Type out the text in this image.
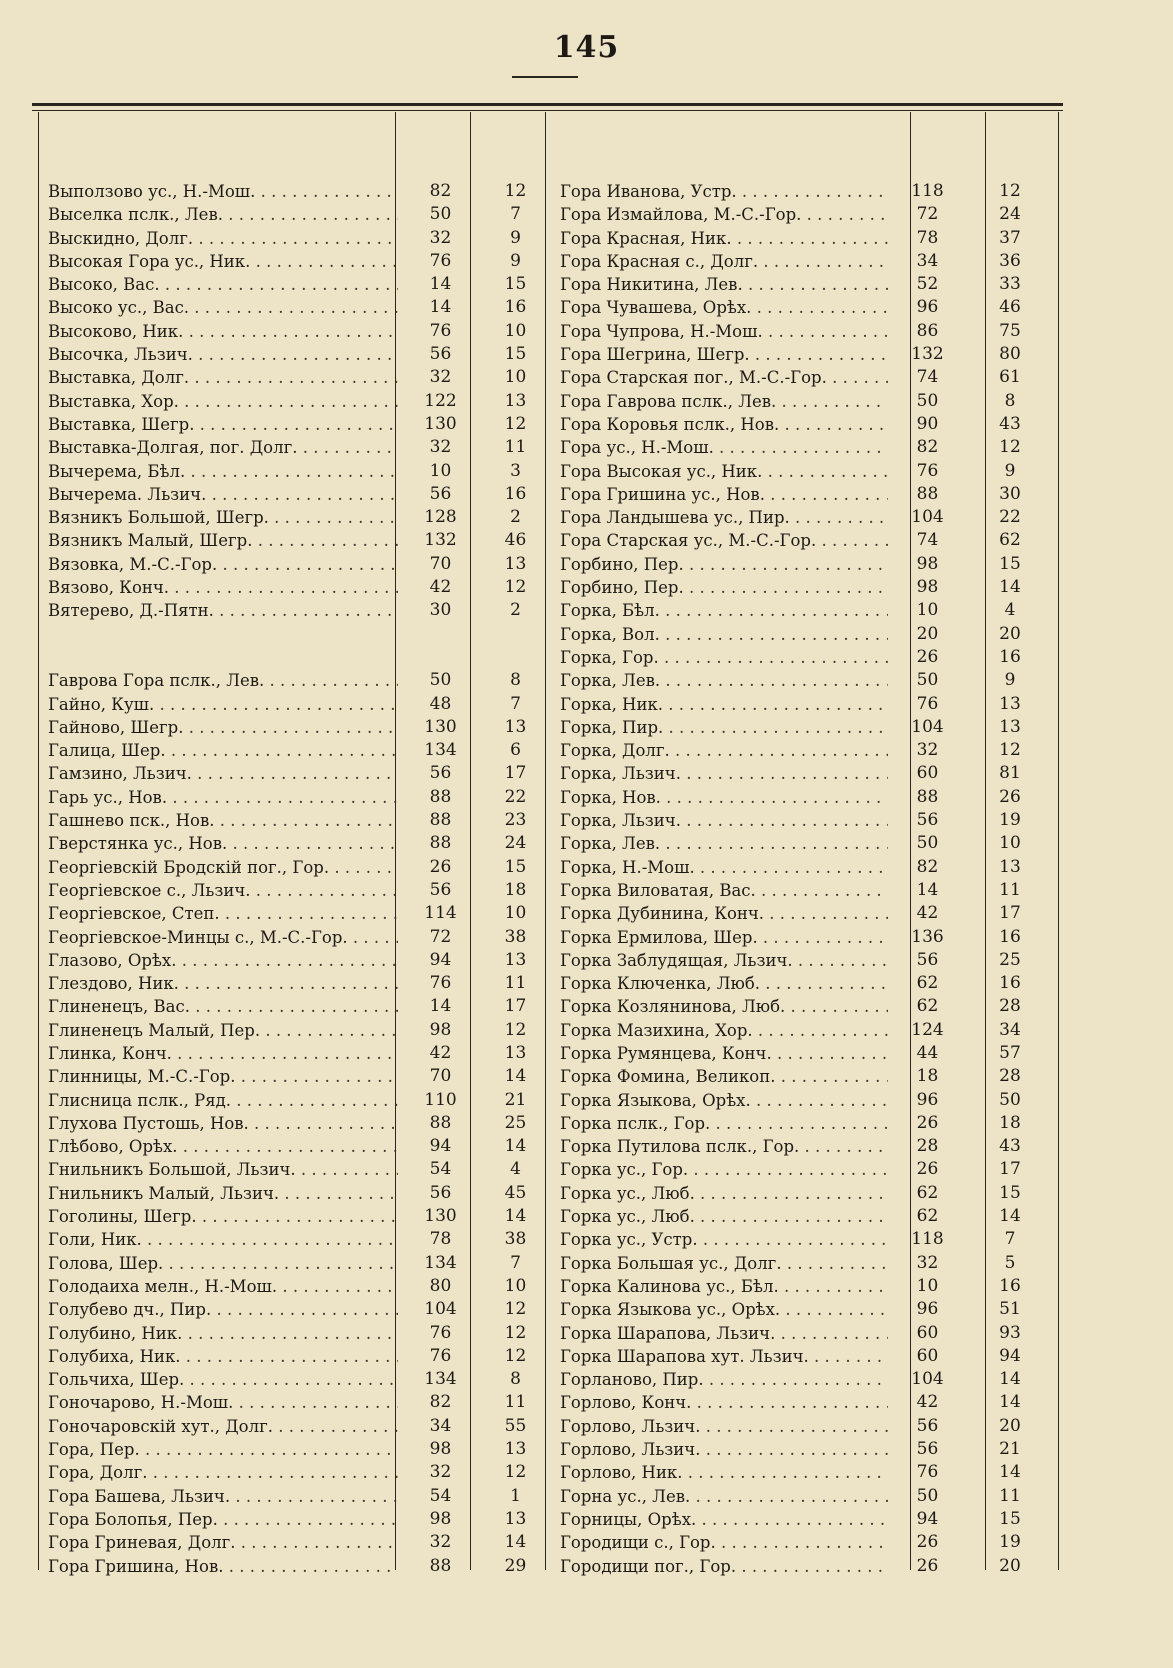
145
Выползово ус., Н.-Мош. . . .	82	12
Выселка пслк., Лев. . . .	50	7
Выскидно, Долг. . . .	32	9
Высокая Гора ус., Ник. . . .	76	9
Высоко, Вас. . . .	14	15
Высоко ус., Вас. . . .	14	16
Высоково, Ник. . . .	76	10
Высочка, Льзич. . . .	56	15
Выставка, Долг. . . .	32	10
Выставка, Хор. . . .	122	13
Выставка, Шегр. . . .	130	12
Выставка-Долгая, пог. Долг. . . .	32	11
Вычерема, Бѣл. . . .	10	3
Вычерема. Льзич. . . .	56	16
Вязникъ Большой, Шегр. . . .	128	2
Вязникъ Малый, Шегр. . . .	132	46
Вязовка, М.-С.-Гор. . . .	70	13
Вязово, Конч. . . .	42	12
Вятерево, Д.-Пятн. . . .	30	2
Гаврова Гора пслк., Лев. . . .	50	8
Гайно, Куш. . . .	48	7
Гайново, Шегр. . . .	130	13
Галица, Шер. . . .	134	6
Гамзино, Льзич. . . .	56	17
Гарь ус., Нов. . . .	88	22
Гашнево пск., Нов. . . .	88	23
Гверстянка ус., Нов. . . .	88	24
Георгіевскій Бродскій пог., Гор. . . .	26	15
Георгіевское с., Льзич. . . .	56	18
Георгіевское, Степ. . . .	114	10
Георгіевское-Минцы с., М.-С.-Гор. . . .	72	38
Глазово, Орѣх. . . .	94	13
Глездово, Ник. . . .	76	11
Глиненецъ, Вас. . . .	14	17
Глиненецъ Малый, Пер. . . .	98	12
Глинка, Конч. . . .	42	13
Глинницы, М.-С.-Гор. . . .	70	14
Глисница пслк., Ряд. . . .	110	21
Глухова Пустошь, Нов. . . .	88	25
Глѣбово, Орѣх. . . .	94	14
Гнильникъ Большой, Льзич. . . .	54	4
Гнильникъ Малый, Льзич. . . .	56	45
Гоголины, Шегр. . . .	130	14
Голи, Ник. . . .	78	38
Голова, Шер. . . .	134	7
Голодаиха мелн., Н.-Мош. . . .	80	10
Голубево дч., Пир. . . .	104	12
Голубино, Ник. . . .	76	12
Голубиха, Ник. . . .	76	12
Гольчиха, Шер. . . .	134	8
Гоночарово, Н.-Мош. . . .	82	11
Гоночаровскій хут., Долг. . . .	34	55
Гора, Пер. . . .	98	13
Гора, Долг. . . .	32	12
Гора Башева, Льзич. . . .	54	1
Гора Болопья, Пер. . . .	98	13
Гора Гриневая, Долг. . . .	32	14
Гора Гришина, Нов. . . .	88	29
Гора Иванова, Устр. . . .	118	12
Гора Измайлова, М.-С.-Гор. . . .	72	24
Гора Красная, Ник. . . .	78	37
Гора Красная с., Долг. . . .	34	36
Гора Никитина, Лев. . . .	52	33
Гора Чувашева, Орѣх. . . .	96	46
Гора Чупрова, Н.-Мош. . . .	86	75
Гора Шегрина, Шегр. . . .	132	80
Гора Старская пог., М.-С.-Гор. . . .	74	61
Гора Гаврова пслк., Лев. . . .	50	8
Гора Коровья пслк., Нов. . . .	90	43
Гора ус., Н.-Мош. . . .	82	12
Гора Высокая ус., Ник. . . .	76	9
Гора Гришина ус., Нов. . . .	88	30
Гора Ландышева ус., Пир. . . .	104	22
Гора Старская ус., М.-С.-Гор. . . .	74	62
Горбино, Пер. . . .	98	15
Горбино, Пер. . . .	98	14
Горка, Бѣл. . . .	10	4
Горка, Вол. . . .	20	20
Горка, Гор. . . .	26	16
Горка, Лев. . . .	50	9
Горка, Ник. . . .	76	13
Горка, Пир. . . .	104	13
Горка, Долг. . . .	32	12
Горка, Льзич. . . .	60	81
Горка, Нов. . . .	88	26
Горка, Льзич. . . .	56	19
Горка, Лев. . . .	50	10
Горка, Н.-Мош. . . .	82	13
Горка Виловатая, Вас. . . .	14	11
Горка Дубинина, Конч. . . .	42	17
Горка Ермилова, Шер. . . .	136	16
Горка Заблудящая, Льзич. . . .	56	25
Горка Ключенка, Люб. . . .	62	16
Горка Козлянинова, Люб. . . .	62	28
Горка Мазихина, Хор. . . .	124	34
Горка Румянцева, Конч. . . .	44	57
Горка Фомина, Великоп. . . .	18	28
Горка Языкова, Орѣх. . . .	96	50
Горка пслк., Гор. . . .	26	18
Горка Путилова пслк., Гор. . . .	28	43
Горка ус., Гор. . . .	26	17
Горка ус., Люб. . . .	62	15
Горка ус., Люб. . . .	62	14
Горка ус., Устр. . . .	118	7
Горка Большая ус., Долг. . . .	32	5
Горка Калинова ус., Бѣл. . . .	10	16
Горка Языкова ус., Орѣх. . . .	96	51
Горка Шарапова, Льзич. . . .	60	93
Горка Шарапова хут. Льзич. . . .	60	94
Горланово, Пир. . . .	104	14
Горлово, Конч. . . .	42	14
Горлово, Льзич. . . .	56	20
Горлово, Льзич. . . .	56	21
Горлово, Ник. . . .	76	14
Горна ус., Лев. . . .	50	11
Горницы, Орѣх. . . .	94	15
Городищи с., Гор. . . .	26	19
Городищи пог., Гор. . . .	26	20
